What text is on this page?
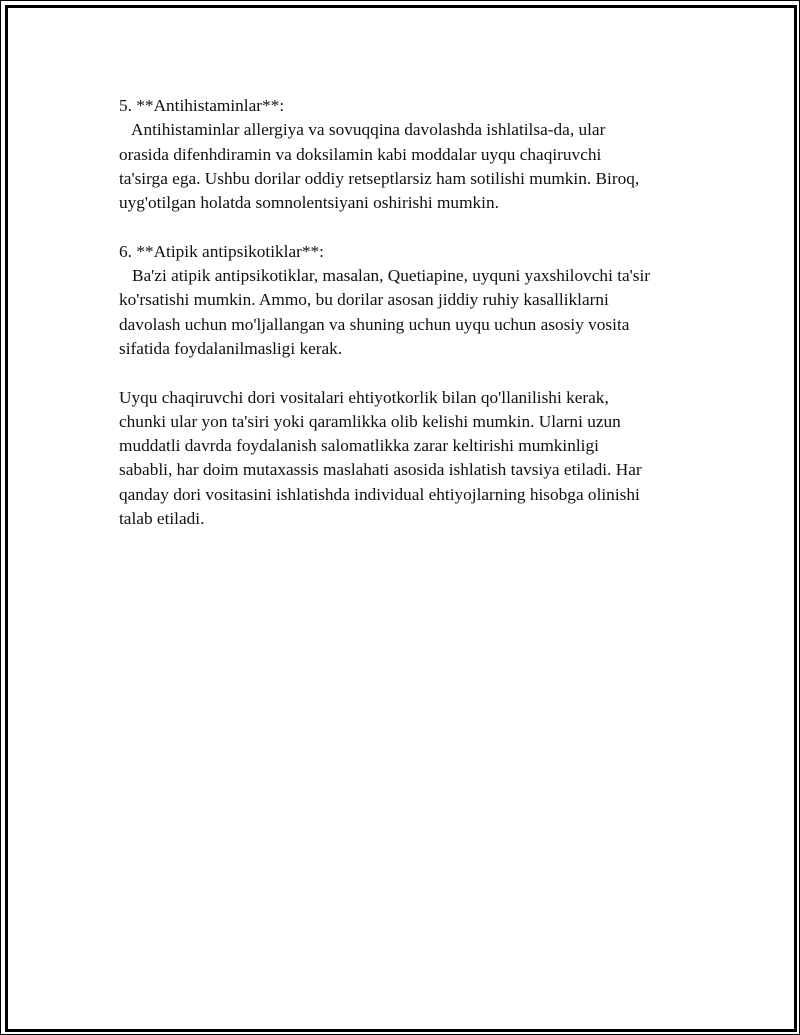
5. **Antihistaminlar**:
Antihistaminlar allergiya va sovuqqina davolashda ishlatilsa-da, ular
orasida difenhdiramin va doksilamin kabi moddalar uyqu chaqiruvchi
ta'sirga ega. Ushbu dorilar oddiy retseptlarsiz ham sotilishi mumkin. Biroq,
uyg'otilgan holatda somnolentsiyani oshirishi mumkin.
6. **Atipik antipsikotiklar**:
Ba'zi atipik antipsikotiklar, masalan, Quetiapine, uyquni yaxshilovchi ta'sir
ko'rsatishi mumkin. Ammo, bu dorilar asosan jiddiy ruhiy kasalliklarni
davolash uchun mo'ljallangan va shuning uchun uyqu uchun asosiy vosita
sifatida foydalanilmasligi kerak.
Uyqu chaqiruvchi dori vositalari ehtiyotkorlik bilan qo'llanilishi kerak,
chunki ular yon ta'siri yoki qaramlikka olib kelishi mumkin. Ularni uzun
muddatli davrda foydalanish salomatlikka zarar keltirishi mumkinligi
sababli, har doim mutaxassis maslahati asosida ishlatish tavsiya etiladi. Har
qanday dori vositasini ishlatishda individual ehtiyojlarning hisobga olinishi
talab etiladi.
